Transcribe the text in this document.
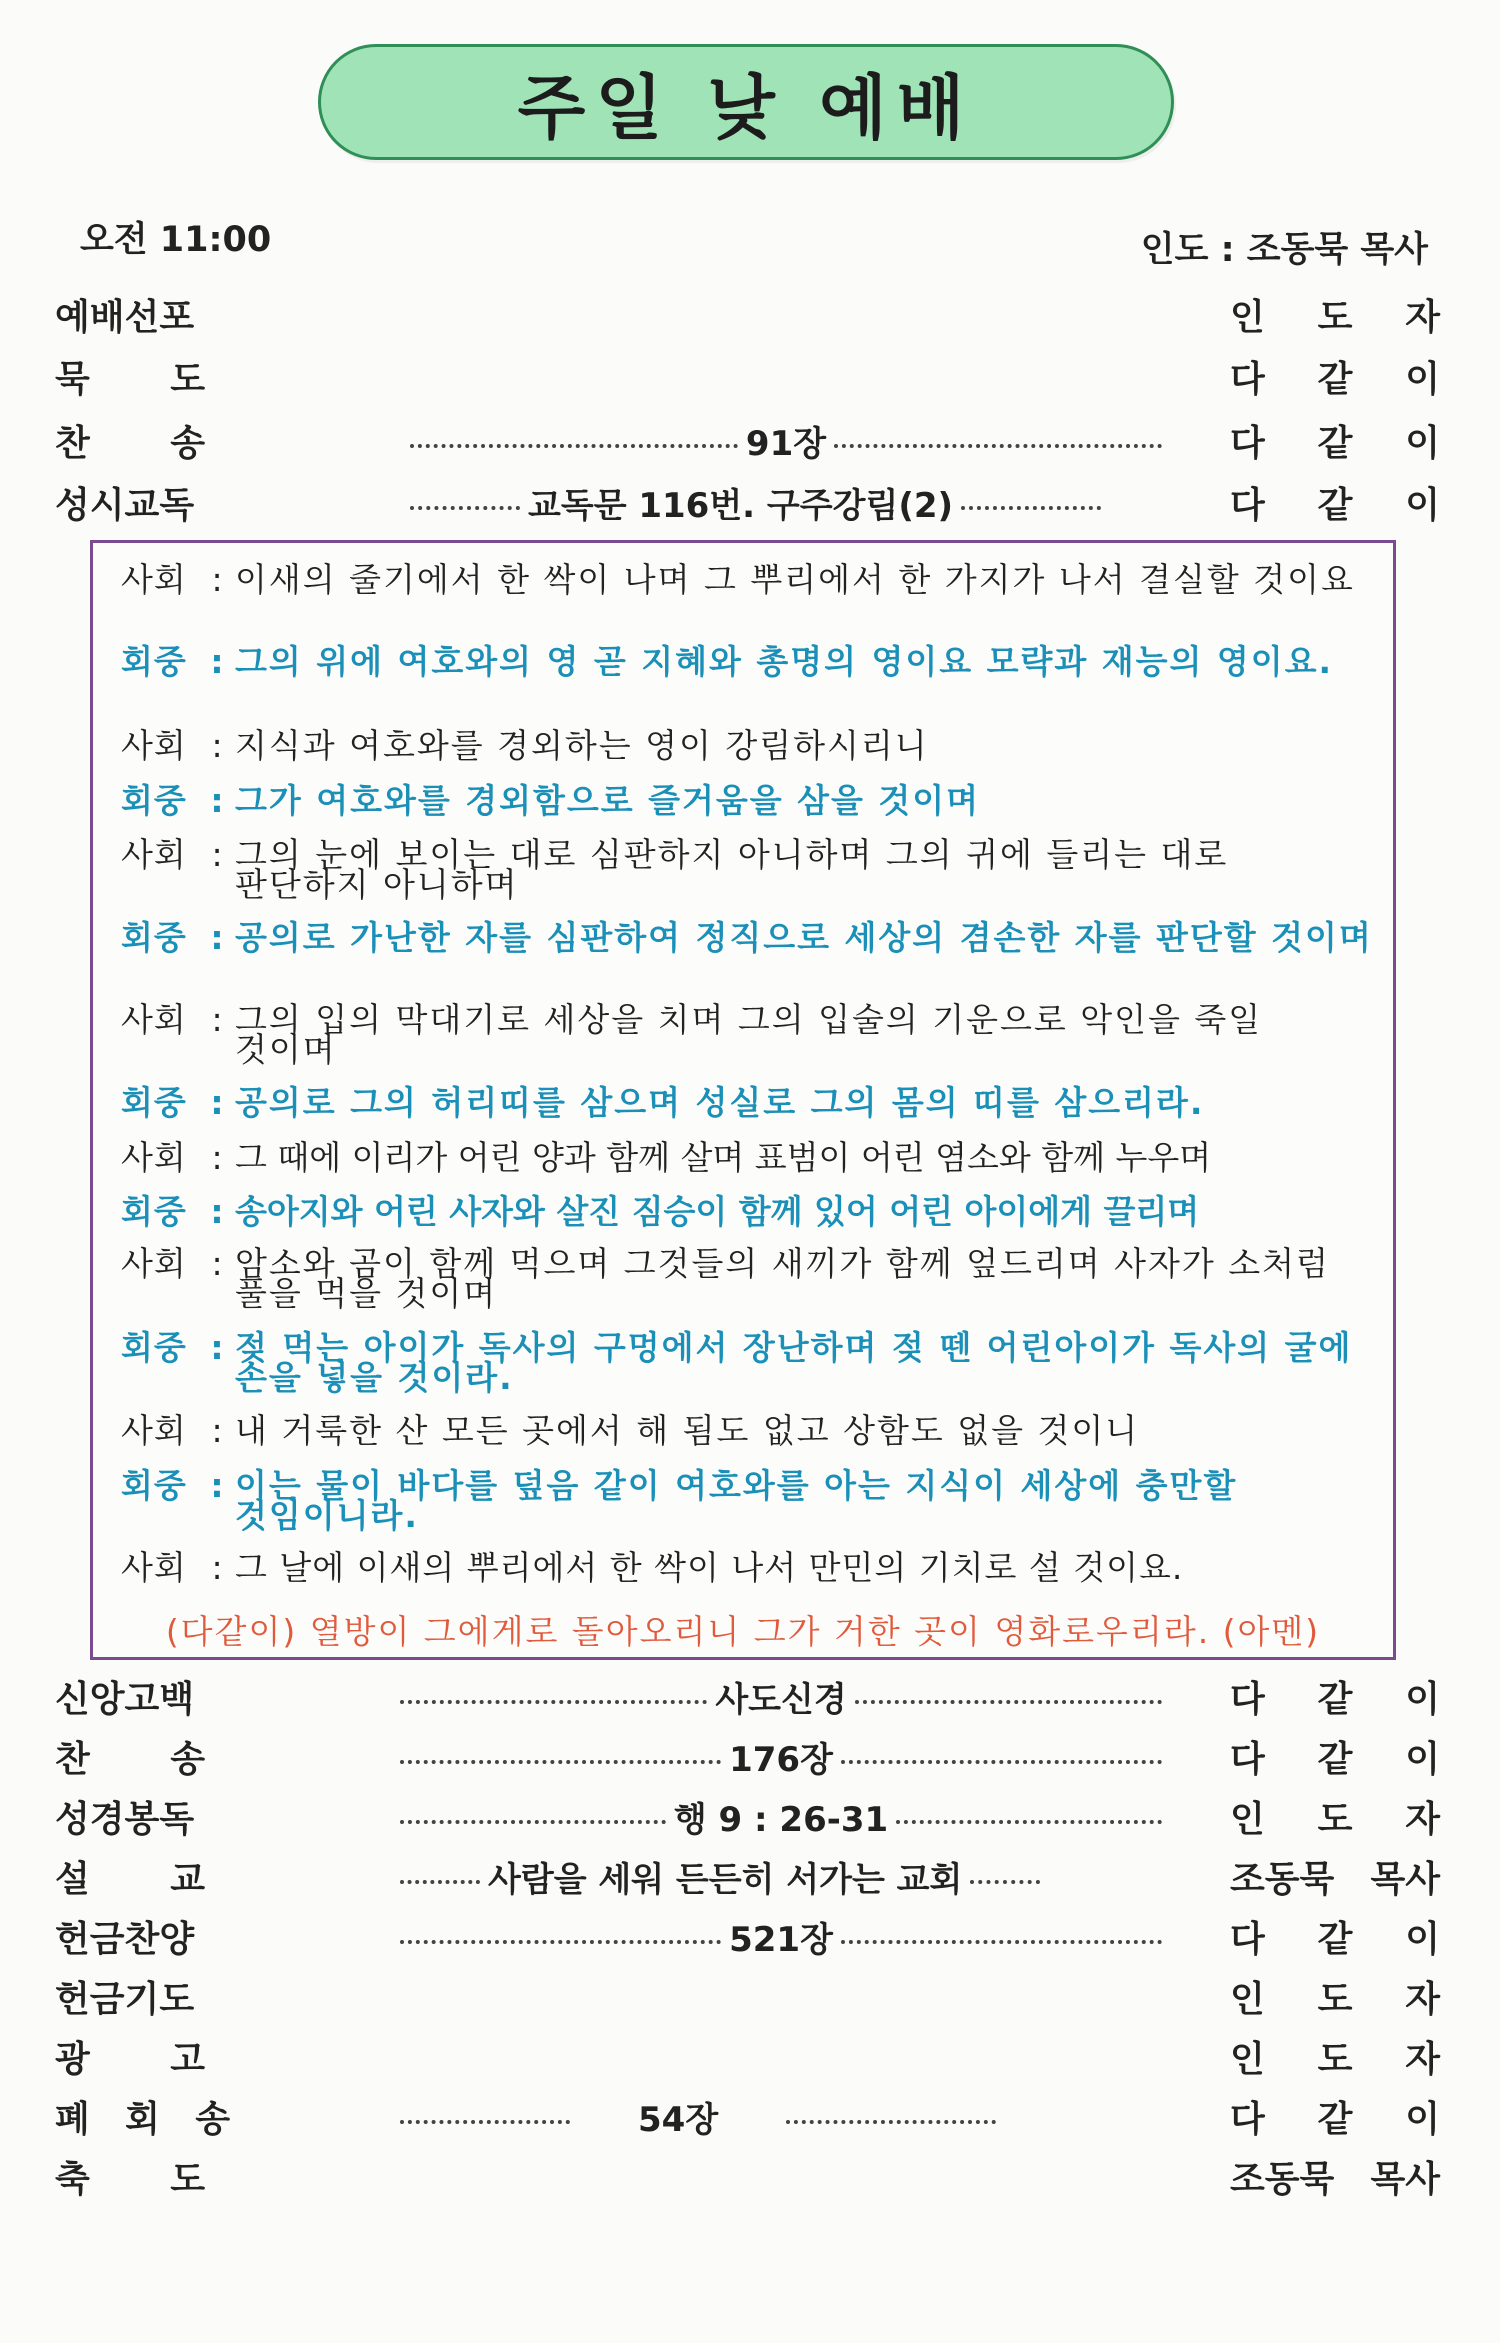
주일 낮 예배
오전 11:00	인도 : 조동묵 목사
예배선포	인 도 자
묵 도	다 같 이
찬 송	91장	다 같 이
성시교독	교독문 116번. 구주강림(2)	다 같 이
사회 : 이새의 줄기에서 한 싹이 나며 그 뿌리에서 한 가지가 나서 결실할 것이요
회중 : 그의 위에 여호와의 영 곧 지혜와 총명의 영이요 모략과 재능의 영이요.
사회 : 지식과 여호와를 경외하는 영이 강림하시리니
회중 : 그가 여호와를 경외함으로 즐거움을 삼을 것이며
사회 : 그의 눈에 보이는 대로 심판하지 아니하며 그의 귀에 들리는 대로 판단하지 아니하며
회중 : 공의로 가난한 자를 심판하여 정직으로 세상의 겸손한 자를 판단할 것이며
사회 : 그의 입의 막대기로 세상을 치며 그의 입술의 기운으로 악인을 죽일 것이며
회중 : 공의로 그의 허리띠를 삼으며 성실로 그의 몸의 띠를 삼으리라.
사회 : 그 때에 이리가 어린 양과 함께 살며 표범이 어린 염소와 함께 누우며
회중 : 송아지와 어린 사자와 살진 짐승이 함께 있어 어린 아이에게 끌리며
사회 : 암소와 곰이 함께 먹으며 그것들의 새끼가 함께 엎드리며 사자가 소처럼 풀을 먹을 것이며
회중 : 젖 먹는 아이가 독사의 구멍에서 장난하며 젖 뗀 어린아이가 독사의 굴에 손을 넣을 것이라.
사회 : 내 거룩한 산 모든 곳에서 해 됨도 없고 상함도 없을 것이니
회중 : 이는 물이 바다를 덮음 같이 여호와를 아는 지식이 세상에 충만할 것임이니라.
사회 : 그 날에 이새의 뿌리에서 한 싹이 나서 만민의 기치로 설 것이요.
(다같이) 열방이 그에게로 돌아오리니 그가 거한 곳이 영화로우리라. (아멘)
신앙고백	사도신경	다 같 이
찬 송	176장	다 같 이
성경봉독	행 9 : 26-31	인 도 자
설 교	사람을 세워 든든히 서가는 교회	조동묵 목사
헌금찬양	521장	다 같 이
헌금기도	인 도 자
광 고	인 도 자
폐 회 송	54장	다 같 이
축 도	조동묵 목사
